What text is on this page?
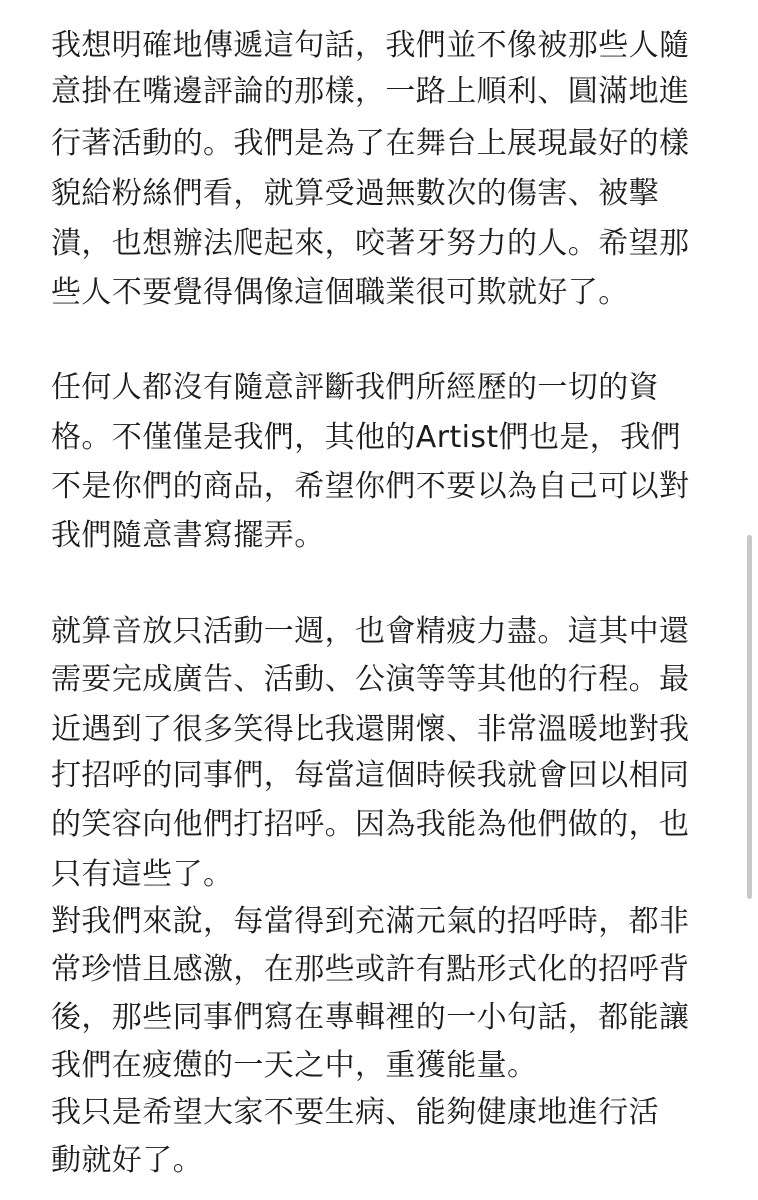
我想明確地傳遞這句話，我們並不像被那些人隨
意掛在嘴邊評論的那樣，一路上順利、圓滿地進
行著活動的。我們是為了在舞台上展現最好的樣
貌給粉絲們看，就算受過無數次的傷害、被擊
潰，也想辦法爬起來，咬著牙努力的人。希望那
些人不要覺得偶像這個職業很可欺就好了。
任何人都沒有隨意評斷我們所經歷的一切的資
格。不僅僅是我們，其他的Artist們也是，我們
不是你們的商品，希望你們不要以為自己可以對
我們隨意書寫擺弄。
就算音放只活動一週，也會精疲力盡。這其中還
需要完成廣告、活動、公演等等其他的行程。最
近遇到了很多笑得比我還開懷、非常溫暖地對我
打招呼的同事們，每當這個時候我就會回以相同
的笑容向他們打招呼。因為我能為他們做的，也
只有這些了。
對我們來說，每當得到充滿元氣的招呼時，都非
常珍惜且感激，在那些或許有點形式化的招呼背
後，那些同事們寫在專輯裡的一小句話，都能讓
我們在疲憊的一天之中，重獲能量。
我只是希望大家不要生病、能夠健康地進行活
動就好了。
